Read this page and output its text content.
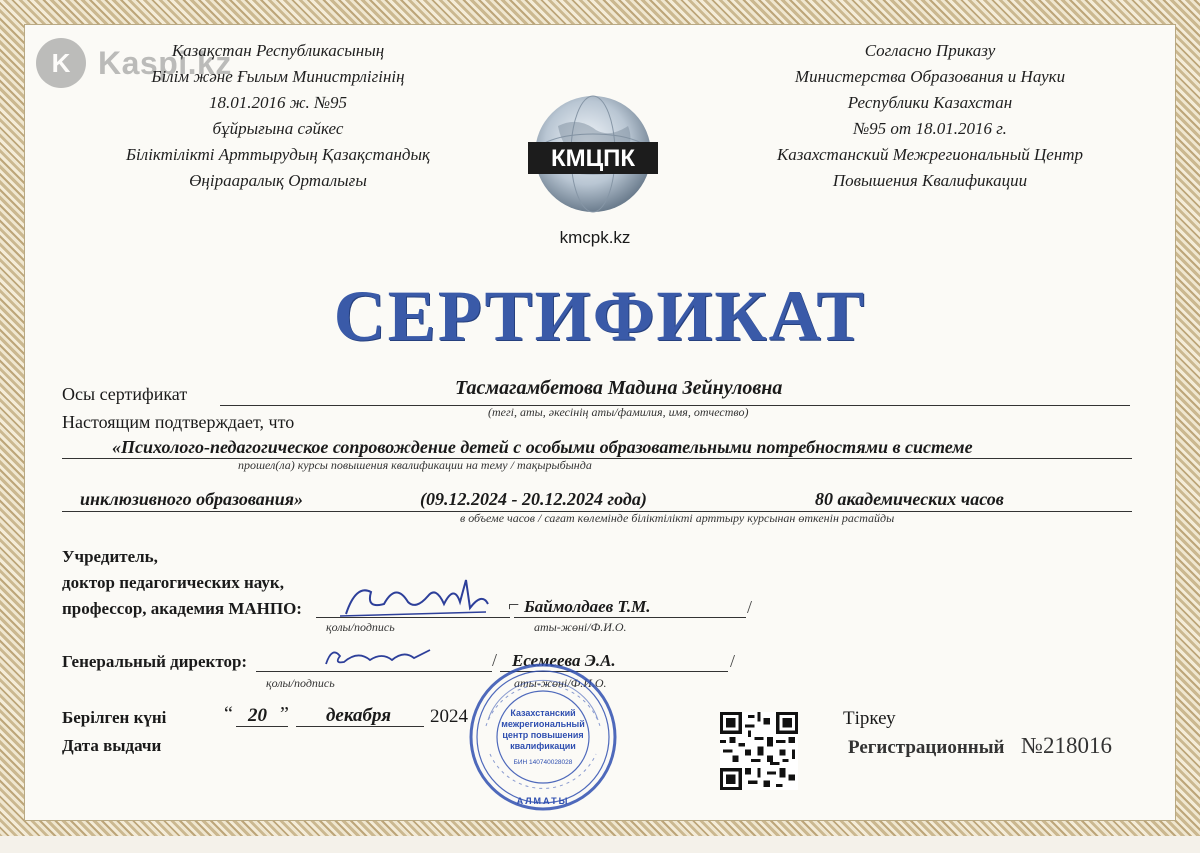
K Kaspi.kz
Қазақстан Республикасының
Білім және Ғылым Министрлігінің
18.01.2016 ж. №95
бұйрығына сәйкес
Біліктілікті Арттырудың Қазақстандық
Өңірааралық Орталығы
Согласно Приказу
Министерства Образования и Науки
Республики Казахстан
№95 от 18.01.2016 г.
Казахстанский Межрегиональный Центр
Повышения Квалификации
КМЦПК
kmcpk.kz
СЕРТИФИКАТ
Осы сертификат	Тасмагамбетова Мадина Зейнуловна
(тегі, аты, әкесінің аты/фамилия, имя, отчество)
Настоящим подтверждает, что
«Психолого-педагогическое сопровождение детей с особыми образовательными потребностями в системе
прошел(ла) курсы повышения квалификации на тему / тақырыбында
инклюзивного образования»	(09.12.2024 - 20.12.2024 года)	80 академических часов
в объеме часов / сағат көлемінде біліктілікті арттыру курсынан өткенін растайды
Учредитель,
доктор педагогических наук,
профессор, академия МАНПО:
қолы/подпись
⌐ Баймолдаев Т.М.	/
аты-жөні/Ф.И.О.
Генеральный директор:
қолы/подпись
/ Есемеева Э.А.	/
аты-жөні/Ф.И.О.
Берілген күні
Дата выдачи
“ 20 ” декабря 2024	Казахстанский
межрегиональный
центр повышения
квалификации
БИН 140740028028
АЛМАТЫ
Тіркеу
Регистрационный №218016
